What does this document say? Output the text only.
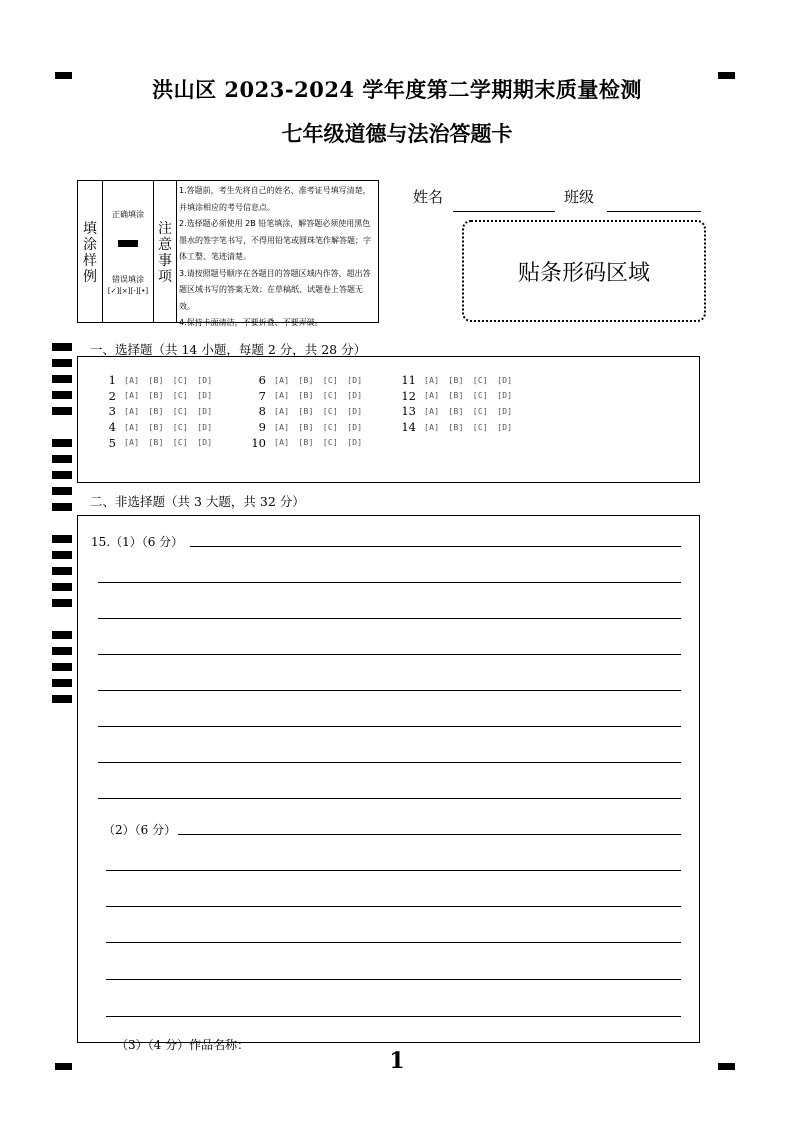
洪山区 2023-2024 学年度第二学期期末质量检测
七年级道德与法治答题卡
填
涂
样
例
正确填涂
错误填涂
[✓][×][-][•]
注
意
事
项
1.答题前，考生先将自己的姓名、准考证号填写清楚，并填涂相应的考号信息点。
2.选择题必须使用 2B 铅笔填涂，解答题必须使用黑色墨水的签字笔书写，不得用铅笔或圆珠笔作解答题；字体工整、笔迹清楚。
3.请按照题号顺序在各题目的答题区域内作答，超出答题区域书写的答案无效；在草稿纸、试题卷上答题无效。
4.保持卡面清洁，不要折叠、不要弄破。
姓名	班级
贴条形码区域
一、选择题（共 14 小题，每题 2 分，共 28 分）
1 [A] [B] [C] [D]
2 [A] [B] [C] [D]
3 [A] [B] [C] [D]
4 [A] [B] [C] [D]
5 [A] [B] [C] [D]
6 [A] [B] [C] [D]
7 [A] [B] [C] [D]
8 [A] [B] [C] [D]
9 [A] [B] [C] [D]
10 [A] [B] [C] [D]
11 [A] [B] [C] [D]
12 [A] [B] [C] [D]
13 [A] [B] [C] [D]
14 [A] [B] [C] [D]
二、非选择题（共 3 大题，共 32 分）
15.（1）（6 分）
（2）（6 分）
（3）（4 分）作品名称：
1
